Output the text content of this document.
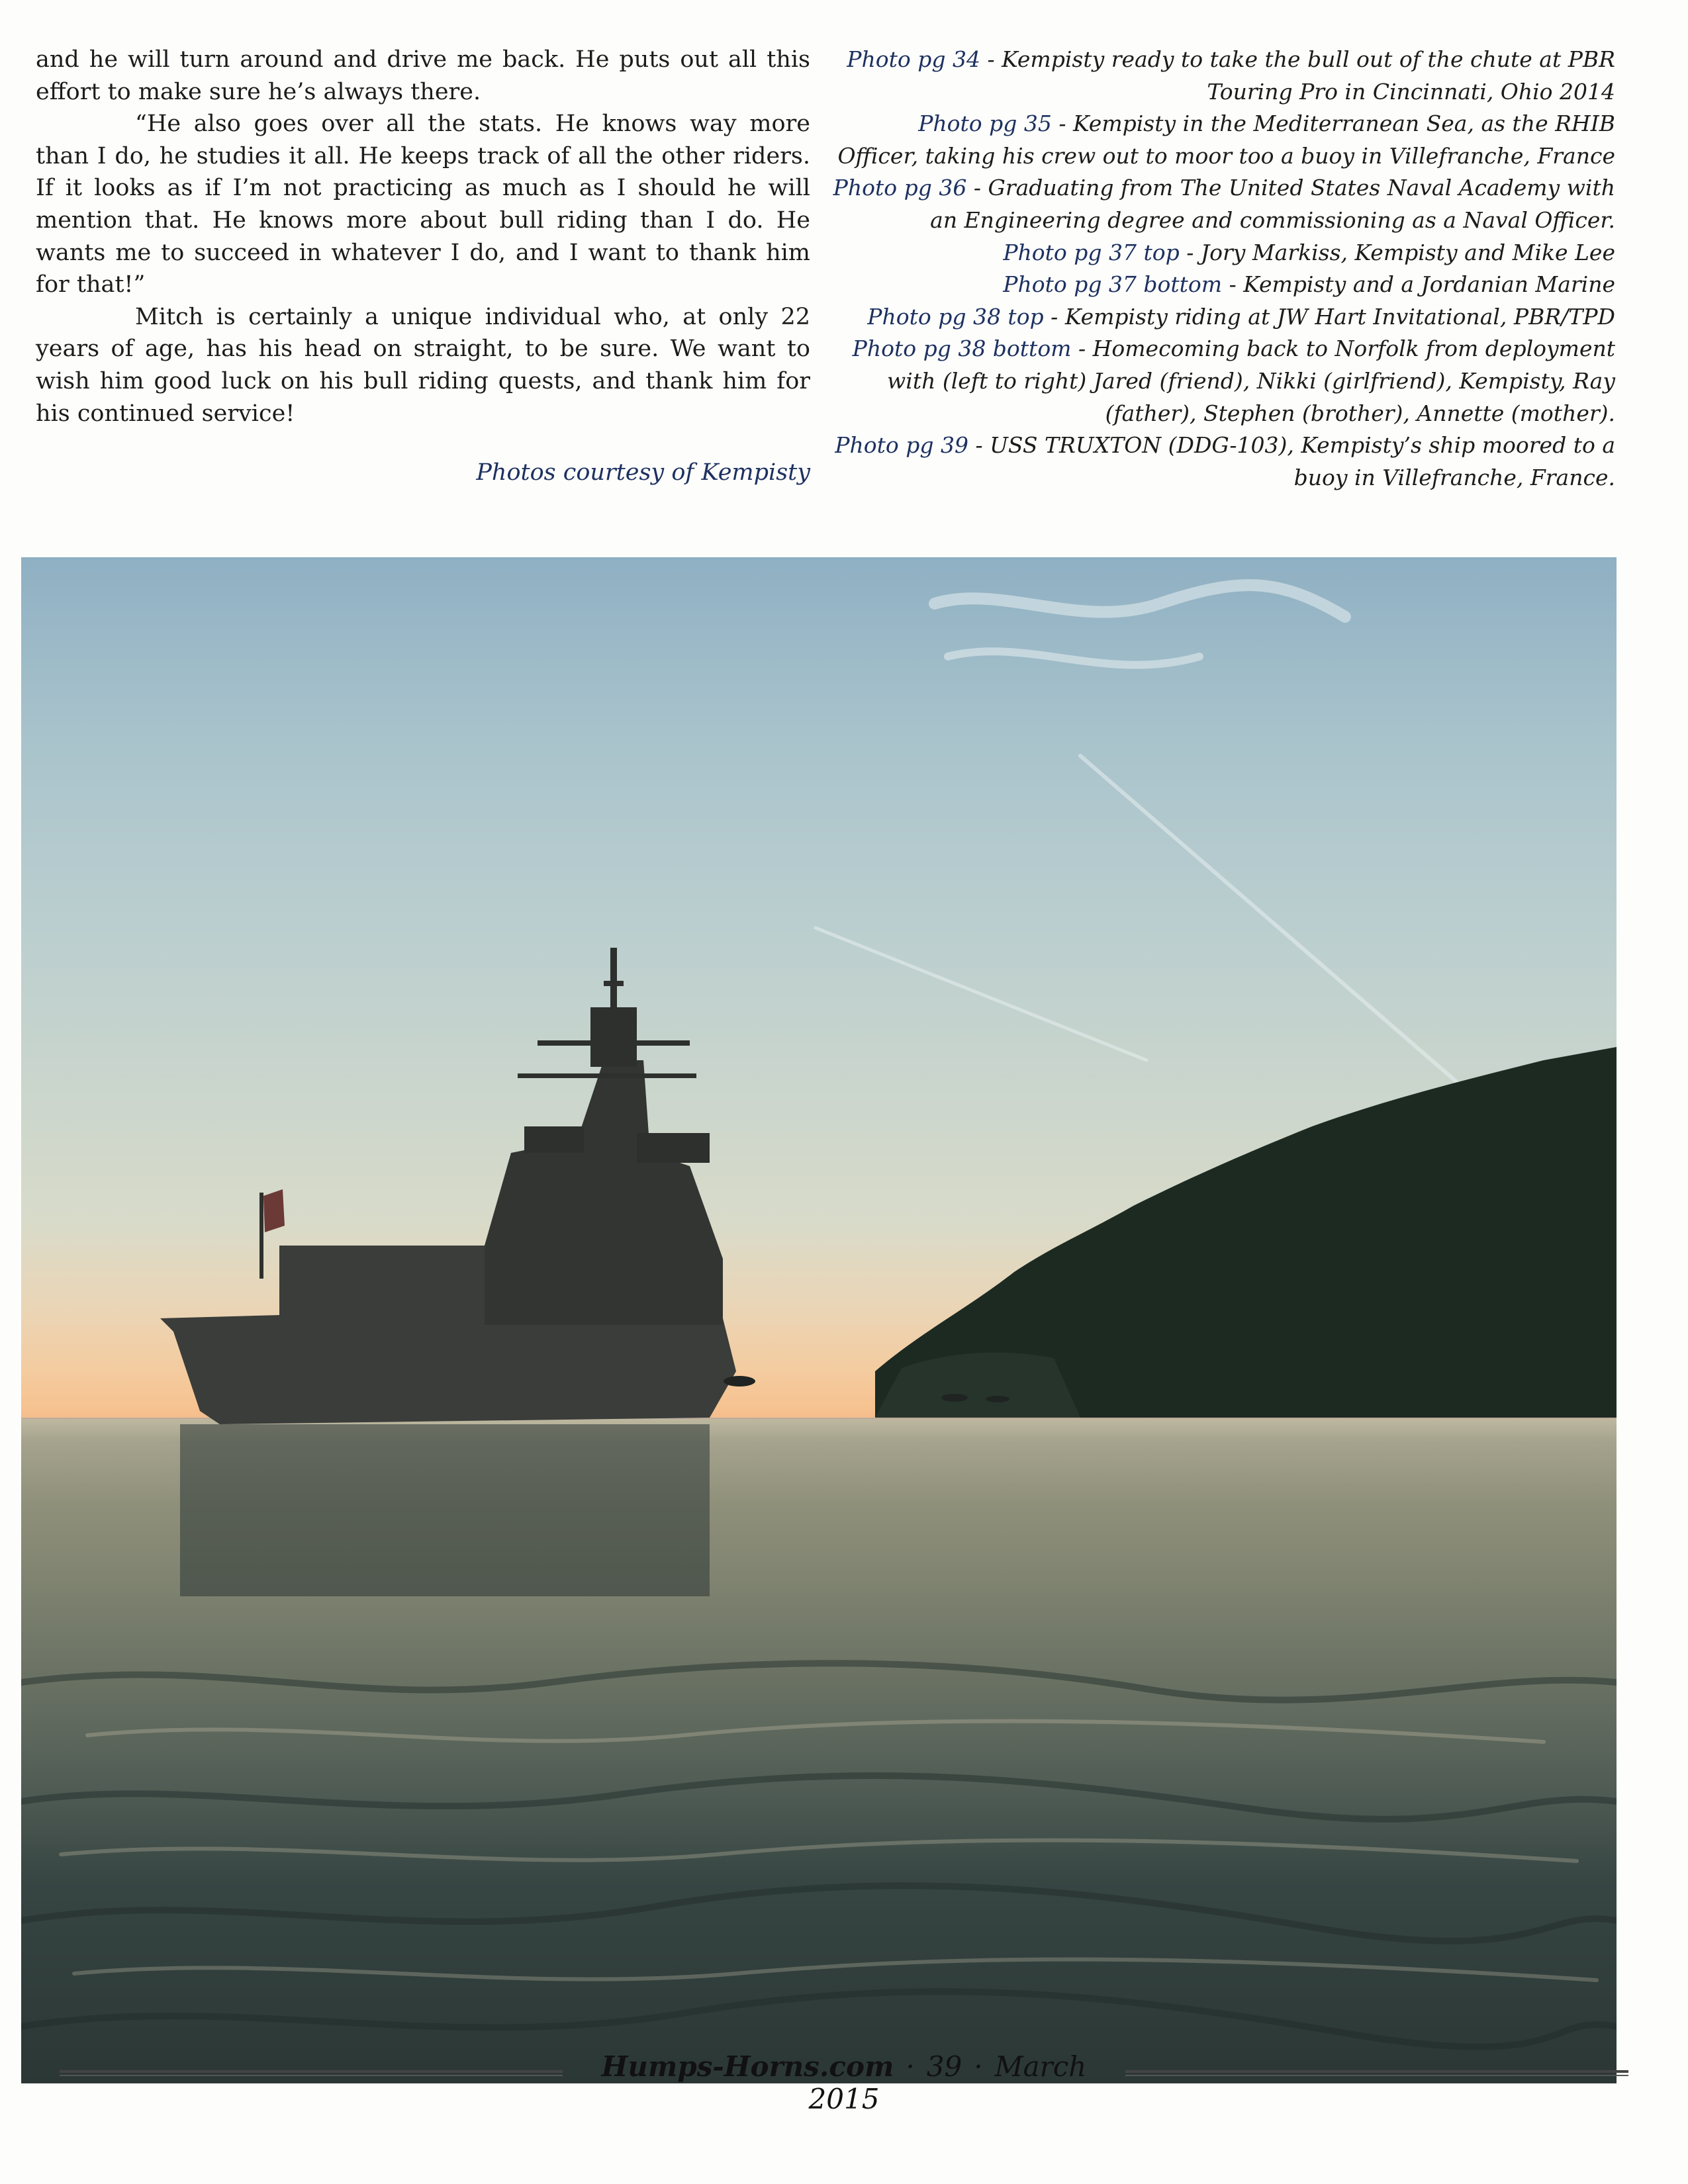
and he will turn around and drive me back. He puts out all this effort to make sure he’s always there.

“He also goes over all the stats. He knows way more than I do, he studies it all. He keeps track of all the other riders. If it looks as if I’m not practicing as much as I should he will mention that. He knows more about bull riding than I do. He wants me to succeed in whatever I do, and I want to thank him for that!”

Mitch is certainly a unique individual who, at only 22 years of age, has his head on straight, to be sure. We want to wish him good luck on his bull riding quests, and thank him for his continued service!

Photos courtesy of Kempisty

Photo pg 34 - Kempisty ready to take the bull out of the chute at PBR Touring Pro in Cincinnati, Ohio 2014

Photo pg 35 - Kempisty in the Mediterranean Sea, as the RHIB Officer, taking his crew out to moor too a buoy in Villefranche, France

Photo pg 36 - Graduating from The United States Naval Academy with an Engineering degree and commissioning as a Naval Officer.

Photo pg 37 top - Jory Markiss, Kempisty and Mike Lee

Photo pg 37 bottom - Kempisty and a Jordanian Marine

Photo pg 38 top - Kempisty riding at JW Hart Invitational, PBR/TPD

Photo pg 38 bottom - Homecoming back to Norfolk from deployment with (left to right) Jared (friend), Nikki (girlfriend), Kempisty, Ray (father), Stephen (brother), Annette (mother).

Photo pg 39 - USS TRUXTON (DDG-103), Kempisty’s ship moored to a buoy in Villefranche, France.

Humps-Horns.com · 39 · March 2015
